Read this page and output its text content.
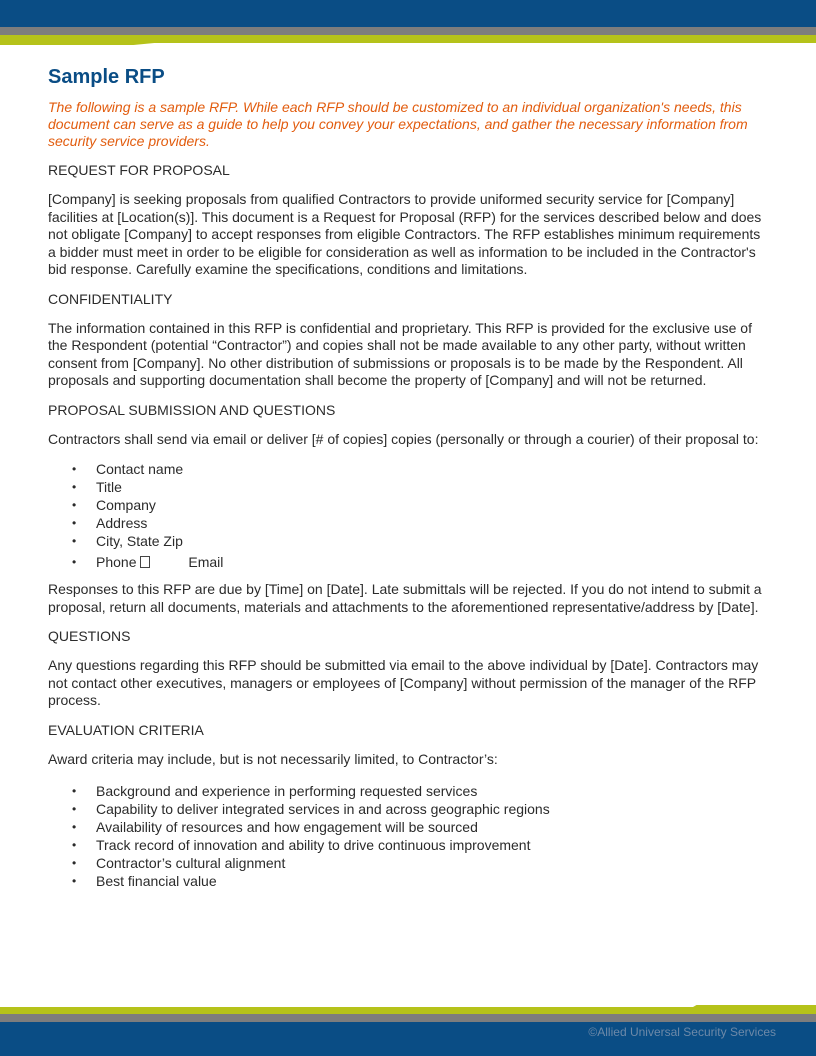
Sample RFP

The following is a sample RFP. While each RFP should be customized to an individual organization's needs, this document can serve as a guide to help you convey your expectations, and gather the necessary information from security service providers.

REQUEST FOR PROPOSAL

[Company] is seeking proposals from qualified Contractors to provide uniformed security service for [Company] facilities at [Location(s)]. This document is a Request for Proposal (RFP) for the services described below and does not obligate [Company] to accept responses from eligible Contractors. The RFP establishes minimum requirements a bidder must meet in order to be eligible for consideration as well as information to be included in the Contractor's bid response. Carefully examine the specifications, conditions and limitations.

CONFIDENTIALITY

The information contained in this RFP is confidential and proprietary. This RFP is provided for the exclusive use of the Respondent (potential “Contractor”) and copies shall not be made available to any other party, without written consent from [Company]. No other distribution of submissions or proposals is to be made by the Respondent. All proposals and supporting documentation shall become the property of [Company] and will not be returned.

PROPOSAL SUBMISSION AND QUESTIONS

Contractors shall send via email or deliver [# of copies] copies (personally or through a courier) of their proposal to:

• Contact name
• Title
• Company
• Address
• City, State Zip
• Phone	Email

Responses to this RFP are due by [Time] on [Date]. Late submittals will be rejected. If you do not intend to submit a proposal, return all documents, materials and attachments to the aforementioned representative/address by [Date].

QUESTIONS

Any questions regarding this RFP should be submitted via email to the above individual by [Date]. Contractors may not contact other executives, managers or employees of [Company] without permission of the manager of the RFP process.

EVALUATION CRITERIA

Award criteria may include, but is not necessarily limited, to Contractor’s:

• Background and experience in performing requested services
• Capability to deliver integrated services in and across geographic regions
• Availability of resources and how engagement will be sourced
• Track record of innovation and ability to drive continuous improvement
• Contractor’s cultural alignment
• Best financial value
©Allied Universal Security Services
